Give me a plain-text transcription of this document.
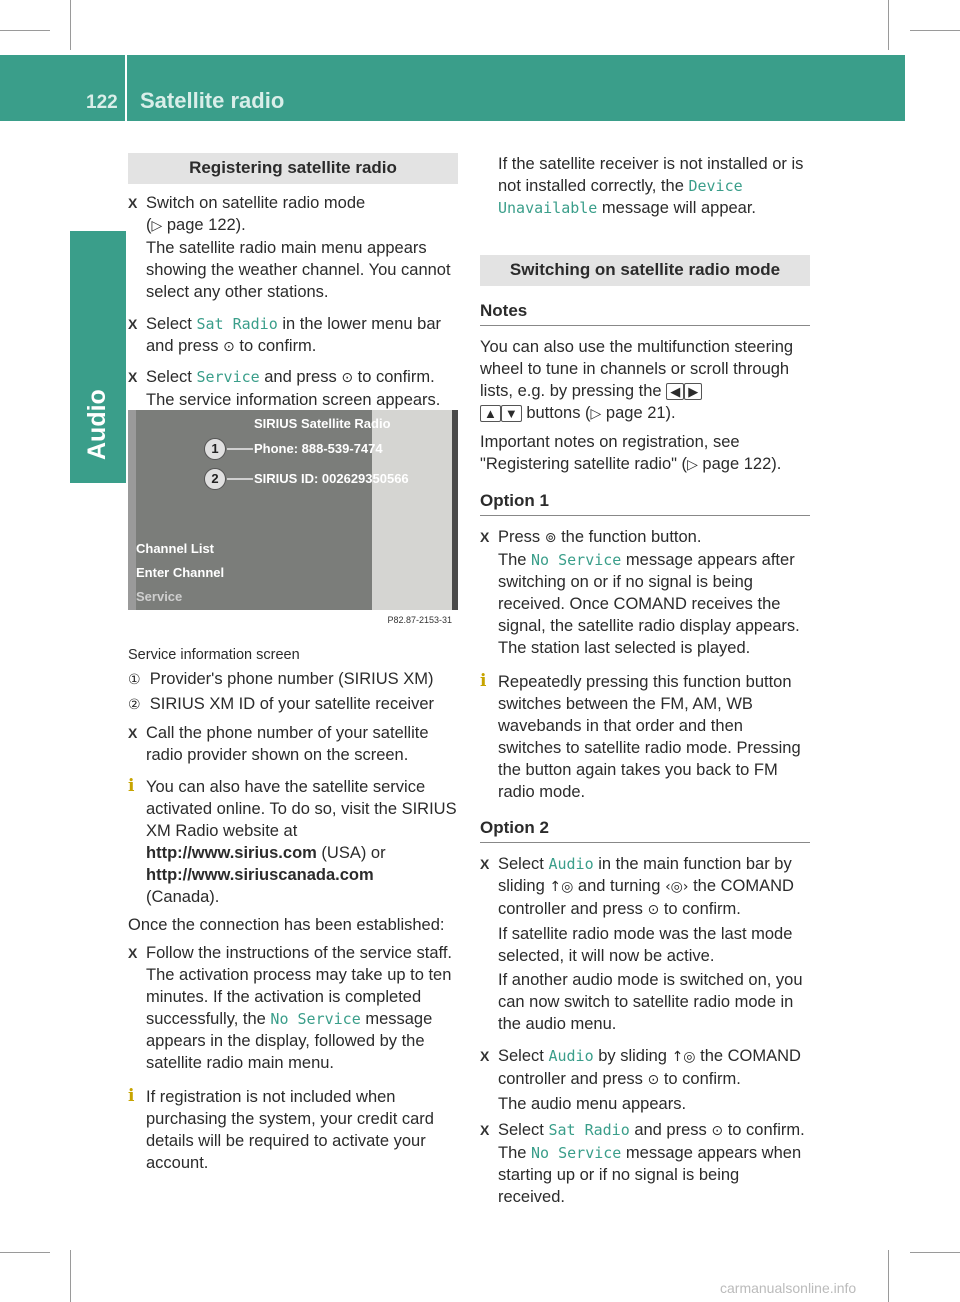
122 Satellite radio
Audio
Registering satellite radio

X Switch on satellite radio mode
(▷ page 122).
The satellite radio main menu appears showing the weather channel. You cannot select any other stations.

X Select Sat Radio in the lower menu bar and press ⊙ to confirm.

X Select Service and press ⊙ to confirm.
The service information screen appears.

SIRIUS Satellite Radio
1	Phone: 888-539-7474
2	SIRIUS ID: 002629350566
Channel List
Enter Channel
Service
P82.87-2153-31

Service information screen

① Provider's phone number (SIRIUS XM)

② SIRIUS XM ID of your satellite receiver

X Call the phone number of your satellite radio provider shown on the screen.

i You can also have the satellite service activated online. To do so, visit the SIRIUS XM Radio website at
http://www.sirius.com (USA) or
http://www.siriuscanada.com
(Canada).

Once the connection has been established:

X Follow the instructions of the service staff. The activation process may take up to ten minutes. If the activation is completed successfully, the No Service message appears in the display, followed by the satellite radio main menu.

i If registration is not included when purchasing the system, your credit card details will be required to activate your account.

If the satellite receiver is not installed or is not installed correctly, the Device
Unavailable message will appear.

Switching on satellite radio mode
Notes

You can also use the multifunction steering wheel to tune in channels or scroll through lists, e.g. by pressing the ◀ ▶
▲ ▼ buttons (▷ page 21).

Important notes on registration, see "Registering satellite radio" (▷ page 122).

Option 1

X Press ⊚ the function button.
The No Service message appears after switching on or if no signal is being received. Once COMAND receives the signal, the satellite radio display appears. The station last selected is played.

i Repeatedly pressing this function button switches between the FM, AM, WB wavebands in that order and then switches to satellite radio mode. Pressing the button again takes you back to FM radio mode.

Option 2

X Select Audio in the main function bar by sliding ↑◎ and turning ‹◎› the COMAND controller and press ⊙ to confirm.

If satellite radio mode was the last mode selected, it will now be active.

If another audio mode is switched on, you can now switch to satellite radio mode in the audio menu.

X Select Audio by sliding ↑◎ the COMAND controller and press ⊙ to confirm.

The audio menu appears.

X Select Sat Radio and press ⊙ to confirm.
The No Service message appears when starting up or if no signal is being received.

carmanualsonline.info
